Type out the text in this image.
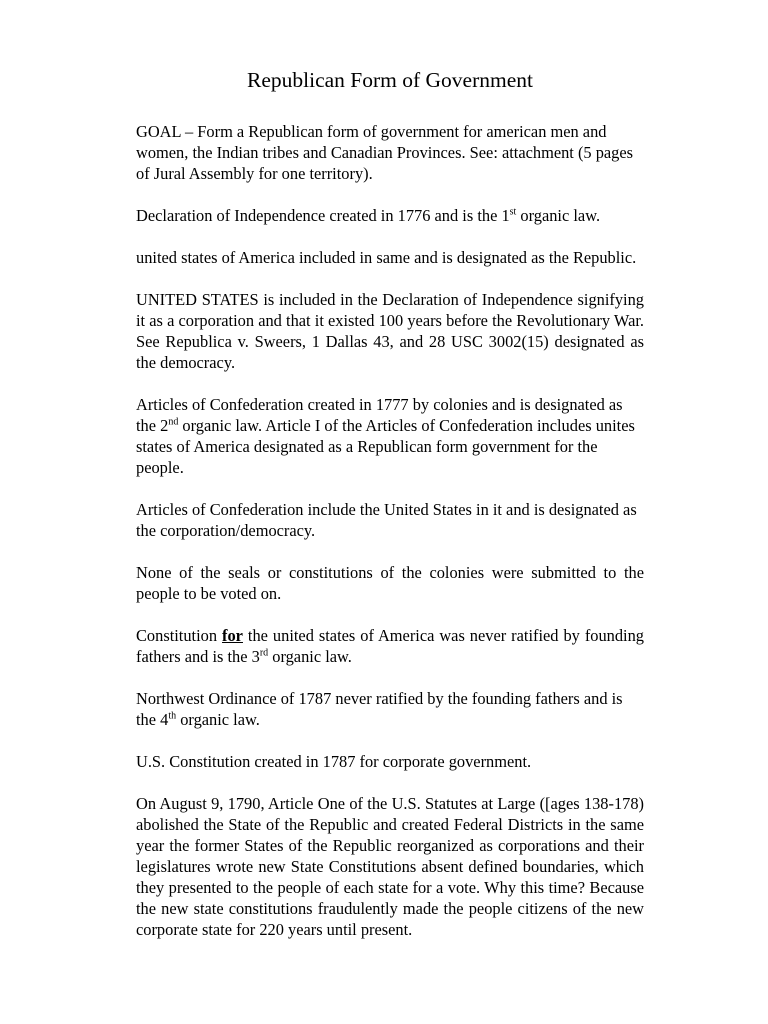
Republican Form of Government

GOAL – Form a Republican form of government for american men and women, the Indian tribes and Canadian Provinces. See: attachment (5 pages of Jural Assembly for one territory).

Declaration of Independence created in 1776 and is the 1st organic law.

united states of America included in same and is designated as the Republic.

UNITED STATES is included in the Declaration of Independence signifying it as a corporation and that it existed 100 years before the Revolutionary War. See Republica v. Sweers, 1 Dallas 43, and 28 USC 3002(15) designated as the democracy.

Articles of Confederation created in 1777 by colonies and is designated as the 2nd organic law. Article I of the Articles of Confederation includes unites states of America designated as a Republican form government for the people.

Articles of Confederation include the United States in it and is designated as the corporation/democracy.

None of the seals or constitutions of the colonies were submitted to the people to be voted on.

Constitution for the united states of America was never ratified by founding fathers and is the 3rd organic law.

Northwest Ordinance of 1787 never ratified by the founding fathers and is the 4th organic law.

U.S. Constitution created in 1787 for corporate government.

On August 9, 1790, Article One of the U.S. Statutes at Large ([ages 138-178) abolished the State of the Republic and created Federal Districts in the same year the former States of the Republic reorganized as corporations and their legislatures wrote new State Constitutions absent defined boundaries, which they presented to the people of each state for a vote. Why this time? Because the new state constitutions fraudulently made the people citizens of the new corporate state for 220 years until present.
